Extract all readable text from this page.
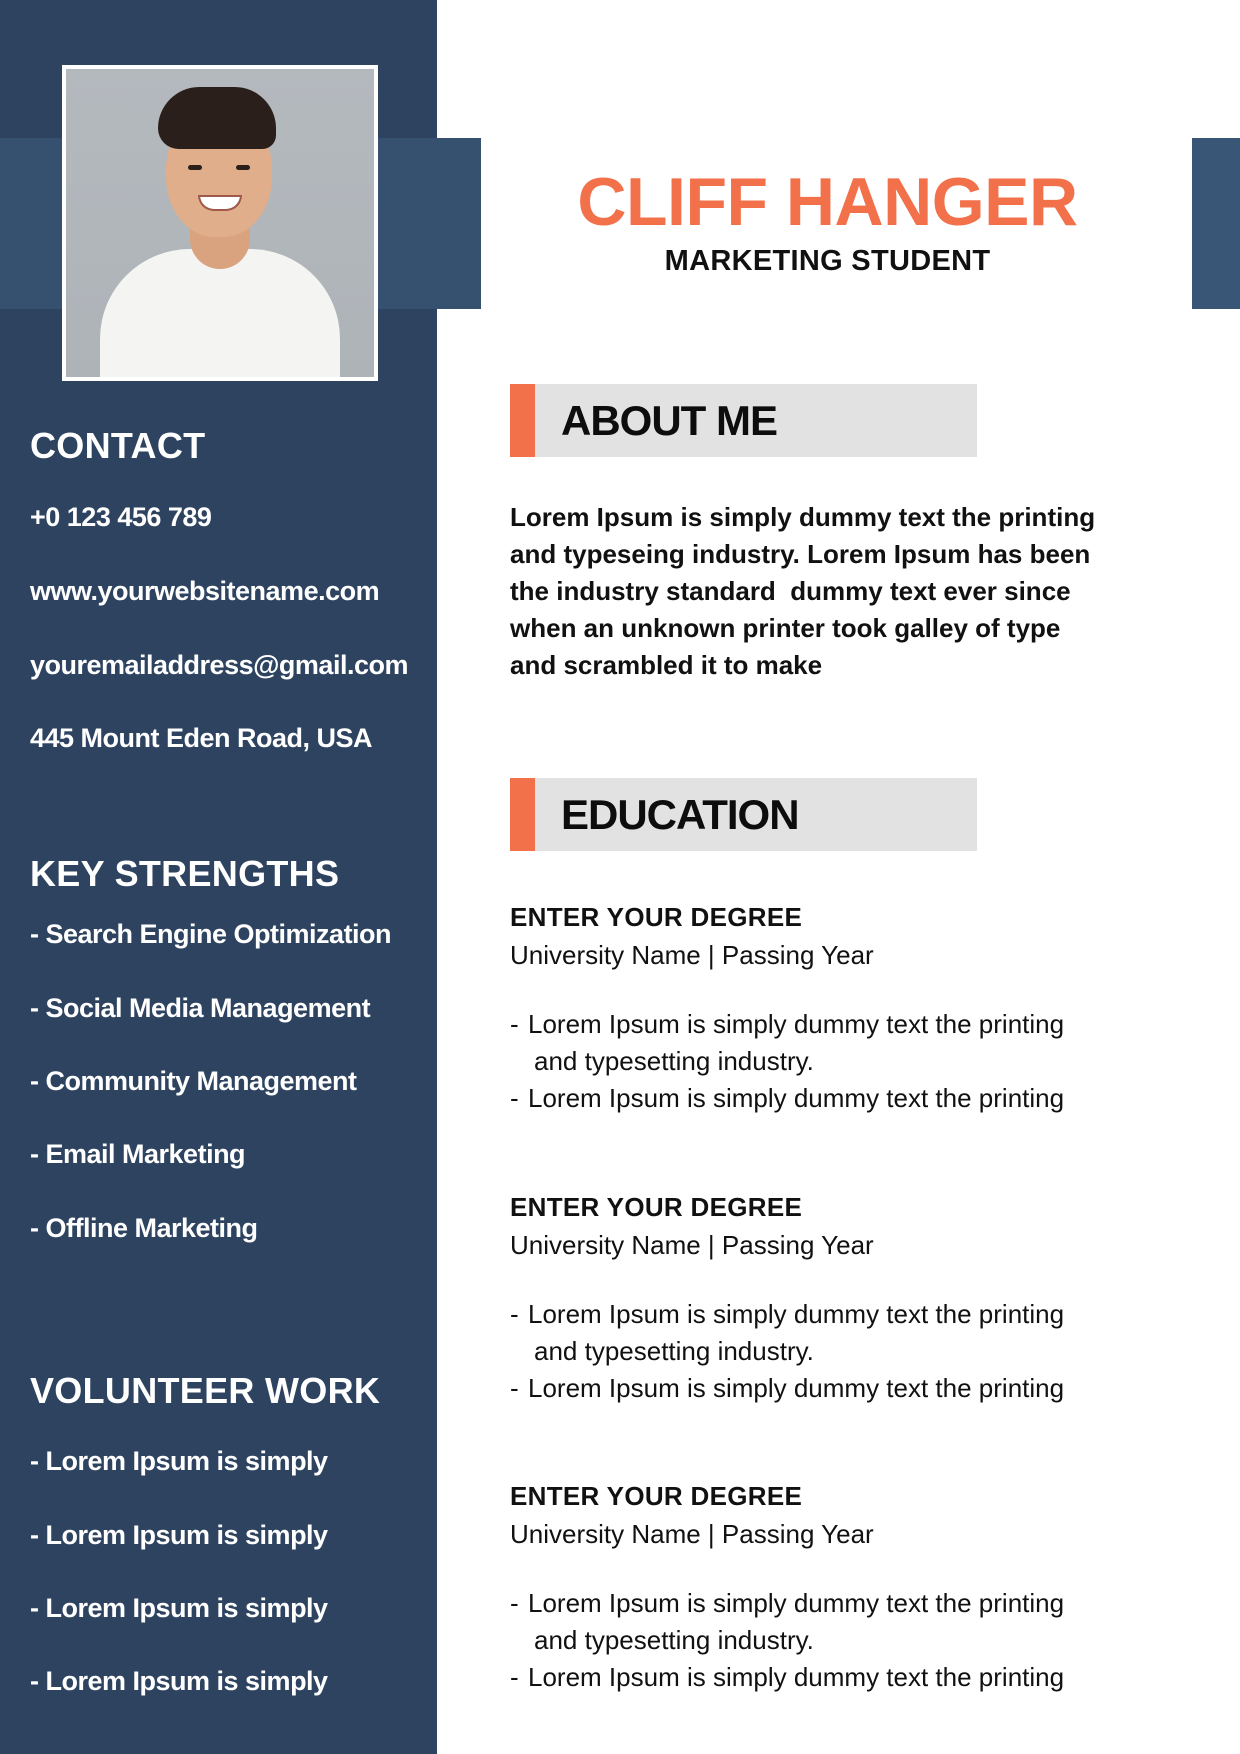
CONTACT
+0 123 456 789
www.yourwebsitename.com
youremailaddress@gmail.com
445 Mount Eden Road, USA
KEY STRENGTHS
- Search Engine Optimization
- Social Media Management
- Community Management
- Email Marketing
- Offline Marketing
VOLUNTEER WORK
- Lorem Ipsum is simply
- Lorem Ipsum is simply
- Lorem Ipsum is simply
- Lorem Ipsum is simply
CLIFF HANGER
MARKETING STUDENT
ABOUT ME
Lorem Ipsum is simply dummy text the printing
and typeseing industry. Lorem Ipsum has been
the industry standard  dummy text ever since
when an unknown printer took galley of type
and scrambled it to make
EDUCATION
ENTER YOUR DEGREE
University Name | Passing Year
- Lorem Ipsum is simply dummy text the printing
and typesetting industry.
- Lorem Ipsum is simply dummy text the printing
ENTER YOUR DEGREE
University Name | Passing Year
- Lorem Ipsum is simply dummy text the printing
and typesetting industry.
- Lorem Ipsum is simply dummy text the printing
ENTER YOUR DEGREE
University Name | Passing Year
- Lorem Ipsum is simply dummy text the printing
and typesetting industry.
- Lorem Ipsum is simply dummy text the printing
